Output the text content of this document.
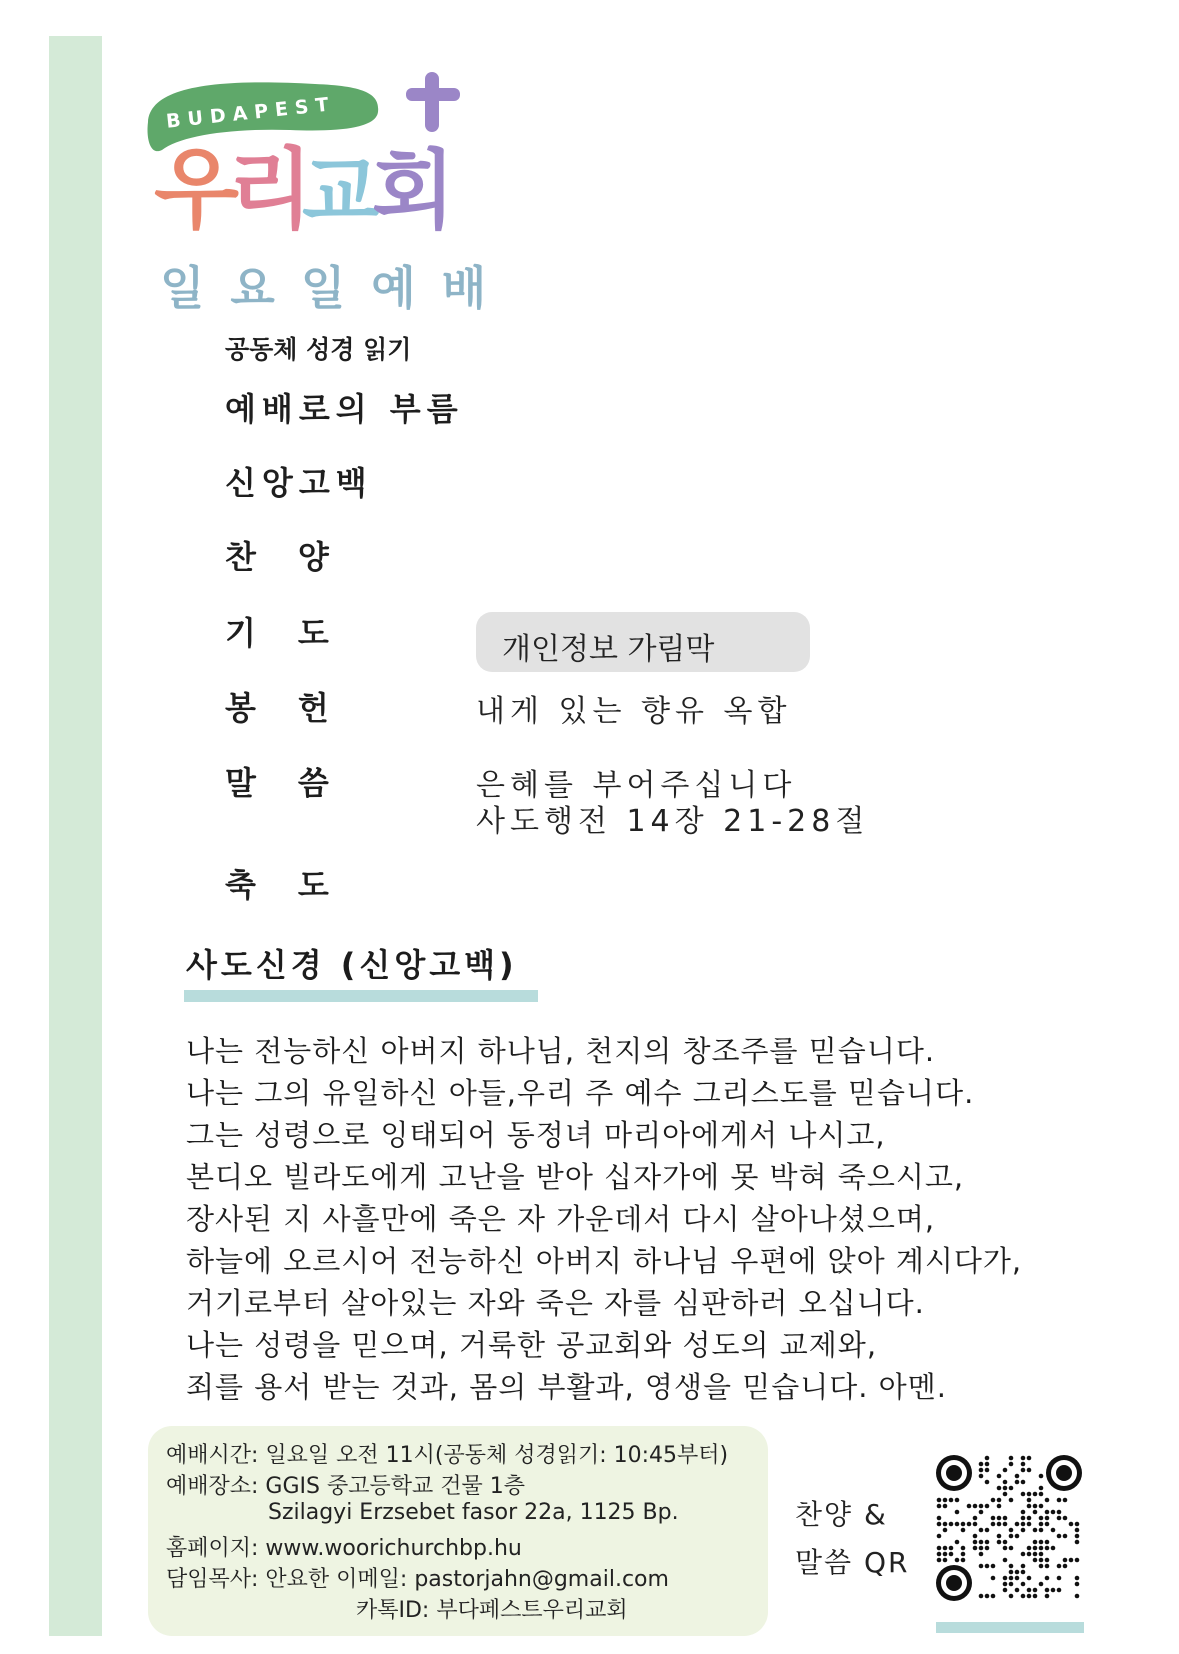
BUDAPEST
우
리
교
회
일요일예배
공동체 성경 읽기
예배로의 부름
신앙고백
찬양
기도
봉헌
말씀
축도
개인정보 가림막
내게 있는 향유 옥합
은혜를 부어주십니다
사도행전 14장 21-28절
사도신경 (신앙고백)
나는 전능하신 아버지 하나님, 천지의 창조주를 믿습니다.
나는 그의 유일하신 아들,우리 주 예수 그리스도를 믿습니다.
그는 성령으로 잉태되어 동정녀 마리아에게서 나시고,
본디오 빌라도에게 고난을 받아 십자가에 못 박혀 죽으시고,
장사된 지 사흘만에 죽은 자 가운데서 다시 살아나셨으며,
하늘에 오르시어 전능하신 아버지 하나님 우편에 앉아 계시다가,
거기로부터 살아있는 자와 죽은 자를 심판하러 오십니다.
나는 성령을 믿으며, 거룩한 공교회와 성도의 교제와,
죄를 용서 받는 것과, 몸의 부활과, 영생을 믿습니다. 아멘.
예배시간: 일요일 오전 11시(공동체 성경읽기: 10:45부터)
예배장소: GGIS 중고등학교 건물 1층
Szilagyi Erzsebet fasor 22a, 1125 Bp.
홈페이지: www.woorichurchbp.hu
담임목사: 안요한 이메일: pastorjahn@gmail.com
카톡ID: 부다페스트우리교회
찬양 &
말씀 QR
